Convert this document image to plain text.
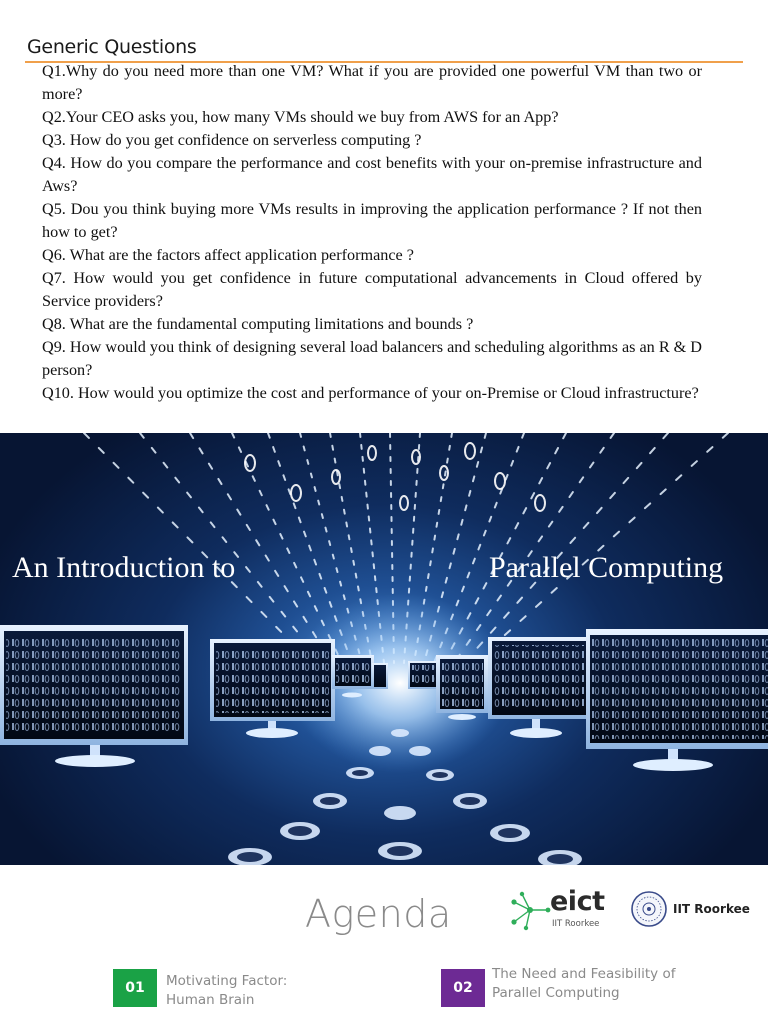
Generic Questions

Q1.Why do you need more than one VM? What if you are provided one powerful VM than two or more?

Q2.Your CEO asks you, how many VMs should we buy from AWS for an App?

Q3. How do you get confidence on serverless computing ?

Q4. How do you compare the performance and cost benefits with your on-premise infrastructure and Aws?

Q5. Dou you think buying more VMs results in improving the application performance ? If not then how to get?

Q6. What are the factors affect application performance ?

Q7. How would you get confidence in future computational advancements in Cloud offered by Service providers?

Q8. What are the fundamental computing limitations and bounds ?

Q9. How would you think of designing several load balancers and scheduling algorithms as an R & D person?

Q10. How would you optimize the cost and performance of your on-Premise or Cloud infrastructure?

An Introduction to	Parallel Computing
Agenda	eict
IIT Roorkee
IIT Roorkee
01	Motivating Factor: Human Brain
02
The Need and Feasibility of Parallel Computing
